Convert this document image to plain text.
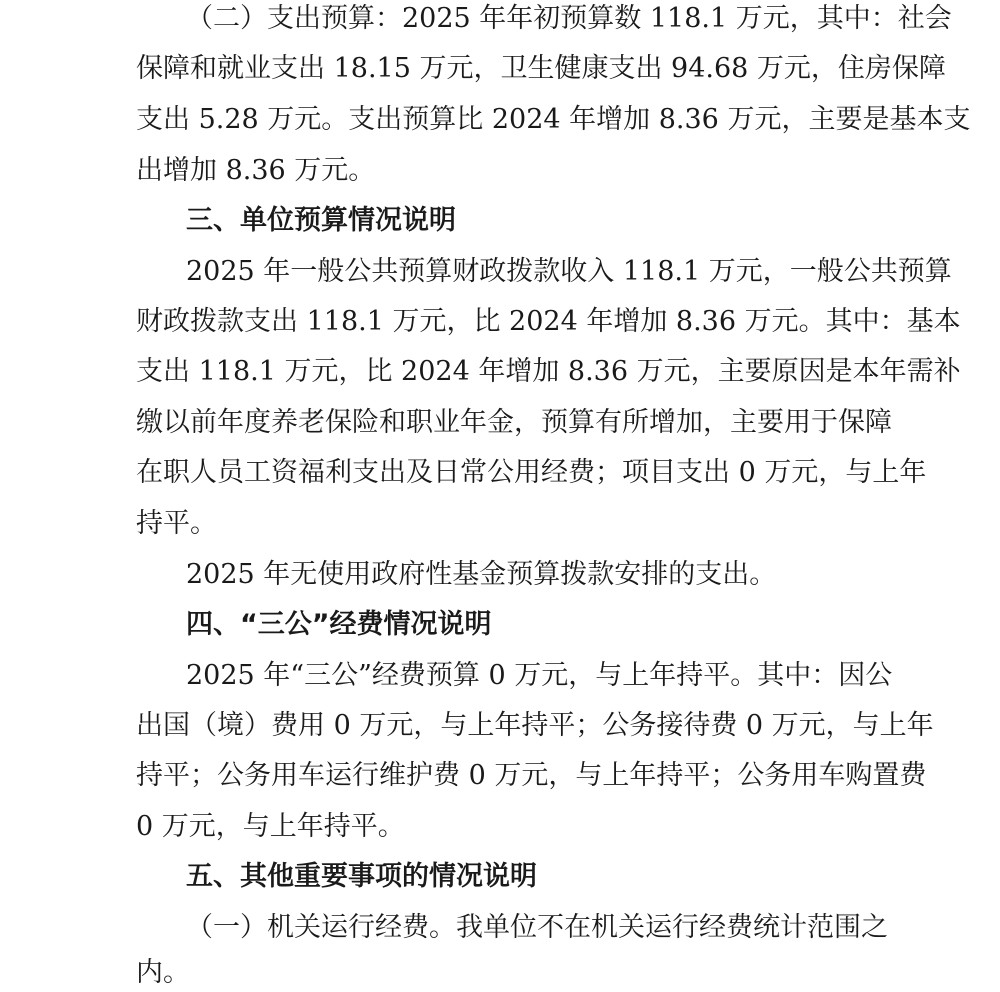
（二）支出预算：2025 年年初预算数 118.1 万元，其中：社会
保障和就业支出 18.15 万元，卫生健康支出 94.68 万元，住房保障
支出 5.28 万元。支出预算比 2024 年增加 8.36 万元，主要是基本支
出增加 8.36 万元。
三、单位预算情况说明
2025 年一般公共预算财政拨款收入 118.1 万元，一般公共预算
财政拨款支出 118.1 万元，比 2024 年增加 8.36 万元。其中：基本
支出 118.1 万元，比 2024 年增加 8.36 万元，主要原因是本年需补
缴以前年度养老保险和职业年金，预算有所增加，主要用于保障
在职人员工资福利支出及日常公用经费；项目支出 0 万元，与上年
持平。
2025 年无使用政府性基金预算拨款安排的支出。
四、“三公”经费情况说明
2025 年“三公”经费预算 0 万元，与上年持平。其中：因公
出国（境）费用 0 万元，与上年持平；公务接待费 0 万元，与上年
持平；公务用车运行维护费 0 万元，与上年持平；公务用车购置费
0 万元，与上年持平。
五、其他重要事项的情况说明
（一）机关运行经费。我单位不在机关运行经费统计范围之
内。
